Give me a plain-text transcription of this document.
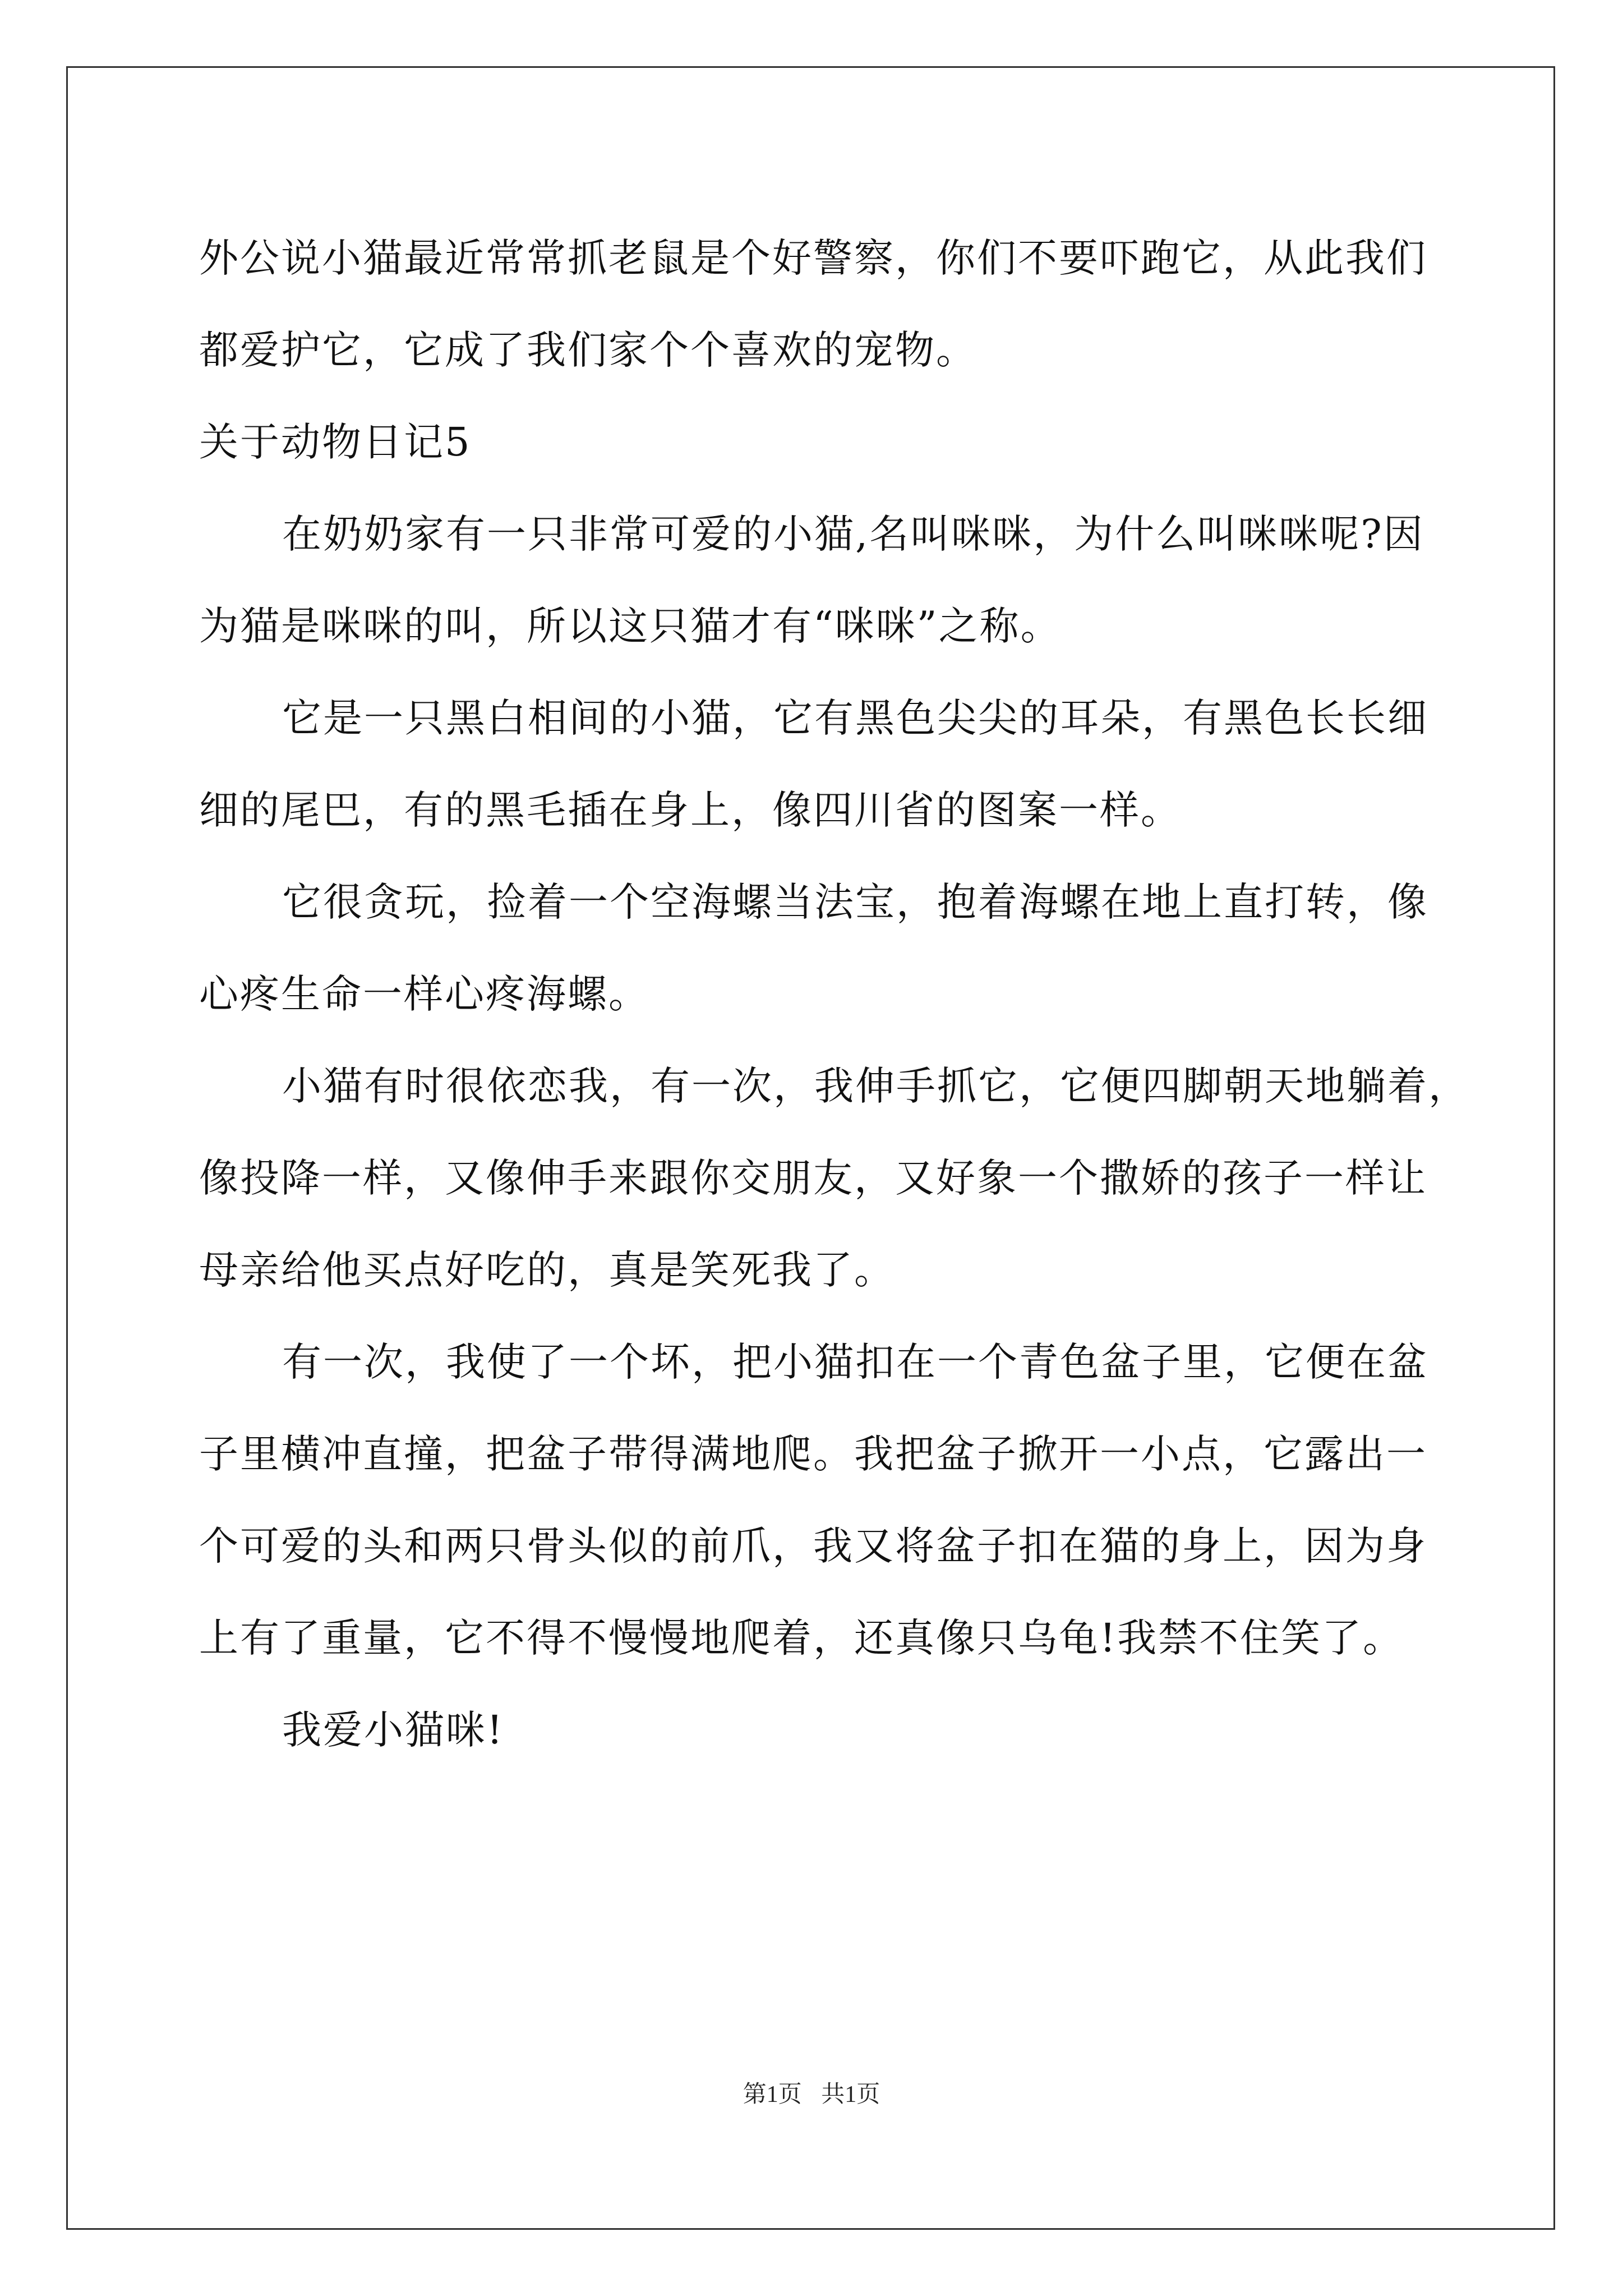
外公说小猫最近常常抓老鼠是个好警察，你们不要吓跑它，从此我们
都爱护它，它成了我们家个个喜欢的宠物。
关于动物日记5
在奶奶家有一只非常可爱的小猫,名叫咪咪，为什么叫咪咪呢?因
为猫是咪咪的叫，所以这只猫才有“咪咪”之称。
它是一只黑白相间的小猫，它有黑色尖尖的耳朵，有黑色长长细
细的尾巴，有的黑毛插在身上，像四川省的图案一样。
它很贪玩，捡着一个空海螺当法宝，抱着海螺在地上直打转，像
心疼生命一样心疼海螺。
小猫有时很依恋我，有一次，我伸手抓它，它便四脚朝天地躺着，
像投降一样，又像伸手来跟你交朋友，又好象一个撒娇的孩子一样让
母亲给他买点好吃的，真是笑死我了。
有一次，我使了一个坏，把小猫扣在一个青色盆子里，它便在盆
子里横冲直撞，把盆子带得满地爬。我把盆子掀开一小点，它露出一
个可爱的头和两只骨头似的前爪，我又将盆子扣在猫的身上，因为身
上有了重量，它不得不慢慢地爬着，还真像只乌龟!我禁不住笑了。
我爱小猫咪!
第1页 共1页
